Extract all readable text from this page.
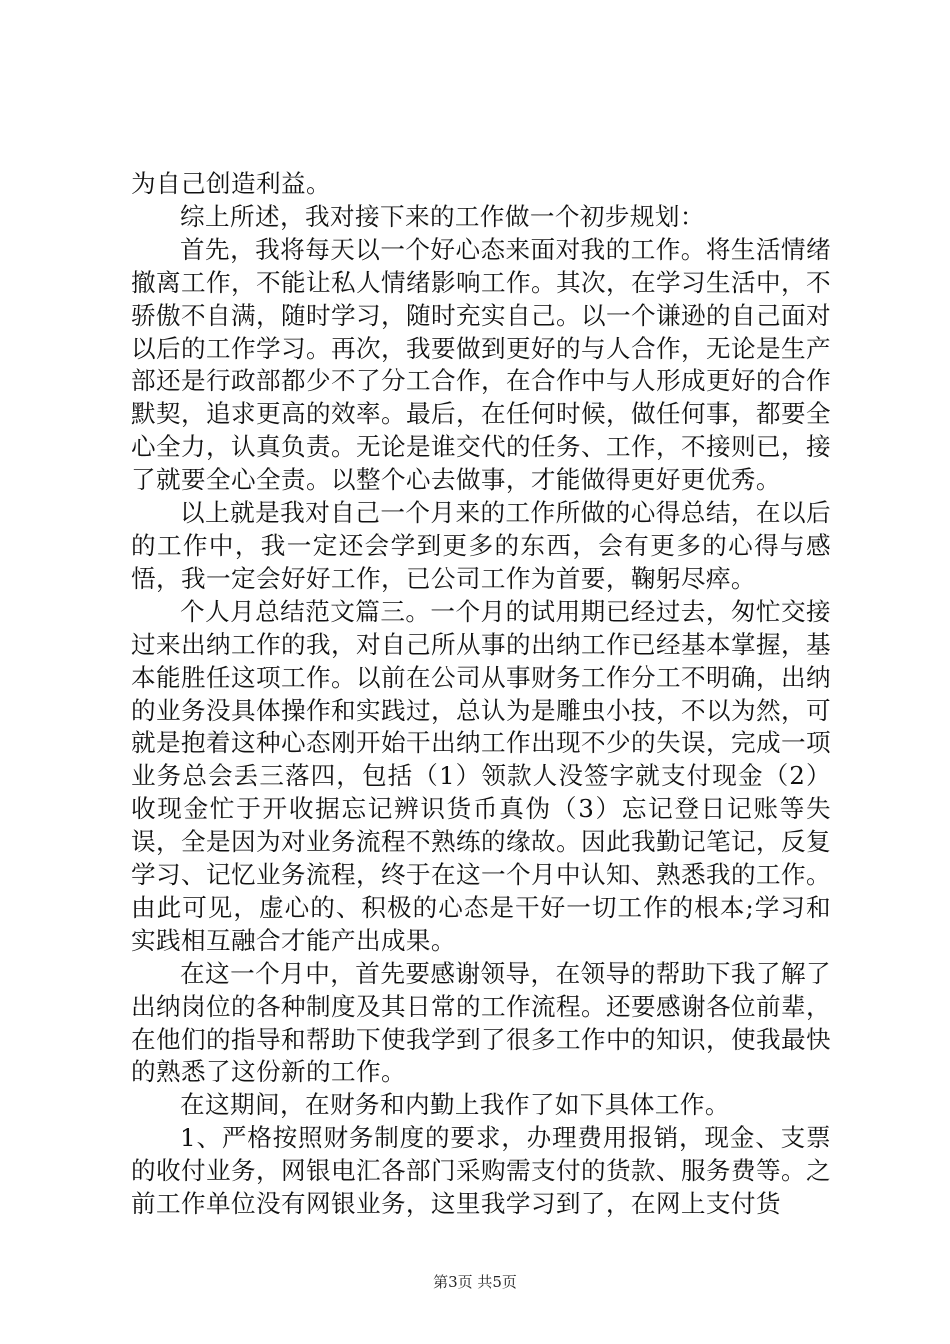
为自己创造利益。

综上所述，我对接下来的工作做一个初步规划：

首先，我将每天以一个好心态来面对我的工作。将生活情绪撤离工作，不能让私人情绪影响工作。其次，在学习生活中，不骄傲不自满，随时学习，随时充实自己。以一个谦逊的自己面对以后的工作学习。再次，我要做到更好的与人合作，无论是生产部还是行政部都少不了分工合作，在合作中与人形成更好的合作默契，追求更高的效率。最后，在任何时候，做任何事，都要全心全力，认真负责。无论是谁交代的任务、工作，不接则已，接了就要全心全责。以整个心去做事，才能做得更好更优秀。

以上就是我对自己一个月来的工作所做的心得总结，在以后的工作中，我一定还会学到更多的东西，会有更多的心得与感悟，我一定会好好工作，已公司工作为首要，鞠躬尽瘁。

个人月总结范文篇三。一个月的试用期已经过去，匆忙交接过来出纳工作的我，对自己所从事的出纳工作已经基本掌握，基本能胜任这项工作。以前在公司从事财务工作分工不明确，出纳的业务没具体操作和实践过，总认为是雕虫小技，不以为然，可就是抱着这种心态刚开始干出纳工作出现不少的失误，完成一项业务总会丢三落四，包括（1）领款人没签字就支付现金（2）收现金忙于开收据忘记辨识货币真伪（3）忘记登日记账等失误，全是因为对业务流程不熟练的缘故。因此我勤记笔记，反复学习、记忆业务流程，终于在这一个月中认知、熟悉我的工作。由此可见，虚心的、积极的心态是干好一切工作的根本;学习和实践相互融合才能产出成果。

在这一个月中，首先要感谢领导，在领导的帮助下我了解了出纳岗位的各种制度及其日常的工作流程。还要感谢各位前辈，在他们的指导和帮助下使我学到了很多工作中的知识，使我最快的熟悉了这份新的工作。

在这期间，在财务和内勤上我作了如下具体工作。

1、严格按照财务制度的要求，办理费用报销，现金、支票的收付业务，网银电汇各部门采购需支付的货款、服务费等。之前工作单位没有网银业务，这里我学习到了，在网上支付货

第3页 共5页
